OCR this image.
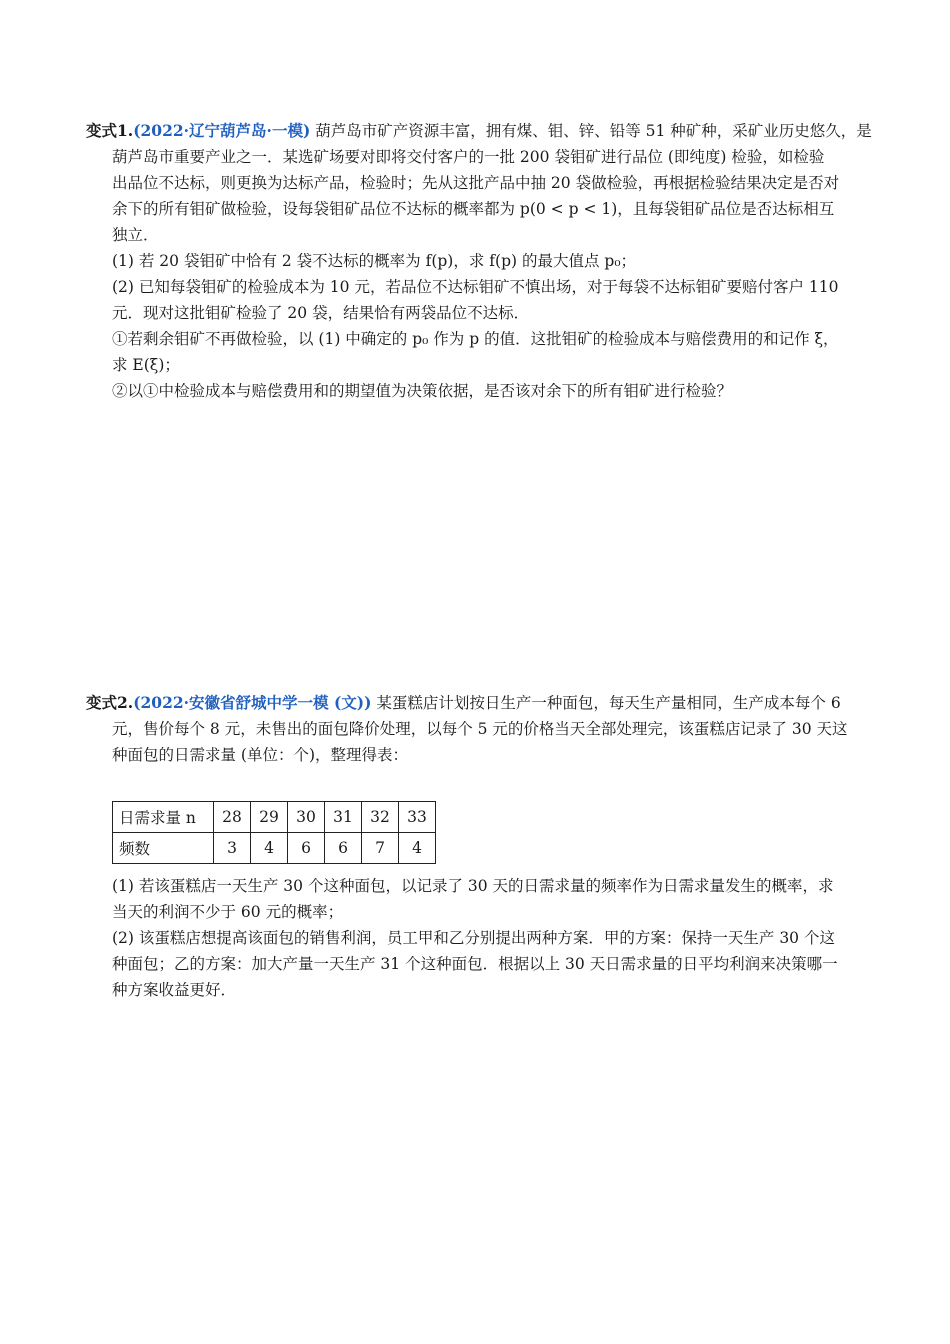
变式1.(2022·辽宁葫芦岛·一模) 葫芦岛市矿产资源丰富，拥有煤、钼、锌、铅等 51 种矿种，采矿业历史悠久，是
葫芦岛市重要产业之一．某选矿场要对即将交付客户的一批 200 袋钼矿进行品位 (即纯度) 检验，如检验
出品位不达标，则更换为达标产品，检验时；先从这批产品中抽 20 袋做检验，再根据检验结果决定是否对
余下的所有钼矿做检验，设每袋钼矿品位不达标的概率都为 p(0 < p < 1)，且每袋钼矿品位是否达标相互
独立．
(1) 若 20 袋钼矿中恰有 2 袋不达标的概率为 f(p)，求 f(p) 的最大值点 p₀；
(2) 已知每袋钼矿的检验成本为 10 元，若品位不达标钼矿不慎出场，对于每袋不达标钼矿要赔付客户 110
元．现对这批钼矿检验了 20 袋，结果恰有两袋品位不达标．
①若剩余钼矿不再做检验，以 (1) 中确定的 p₀ 作为 p 的值．这批钼矿的检验成本与赔偿费用的和记作 ξ，
求 E(ξ)；
②以①中检验成本与赔偿费用和的期望值为决策依据，是否该对余下的所有钼矿进行检验？
变式2.(2022·安徽省舒城中学一模 (文)) 某蛋糕店计划按日生产一种面包，每天生产量相同，生产成本每个 6
元，售价每个 8 元，未售出的面包降价处理，以每个 5 元的价格当天全部处理完，该蛋糕店记录了 30 天这
种面包的日需求量 (单位：个)，整理得表：
日需求量 n	28	29	30	31	32	33
频数	3	4	6	6	7	4
(1) 若该蛋糕店一天生产 30 个这种面包，以记录了 30 天的日需求量的频率作为日需求量发生的概率，求
当天的利润不少于 60 元的概率；
(2) 该蛋糕店想提高该面包的销售利润，员工甲和乙分别提出两种方案．甲的方案：保持一天生产 30 个这
种面包；乙的方案：加大产量一天生产 31 个这种面包．根据以上 30 天日需求量的日平均利润来决策哪一
种方案收益更好．
